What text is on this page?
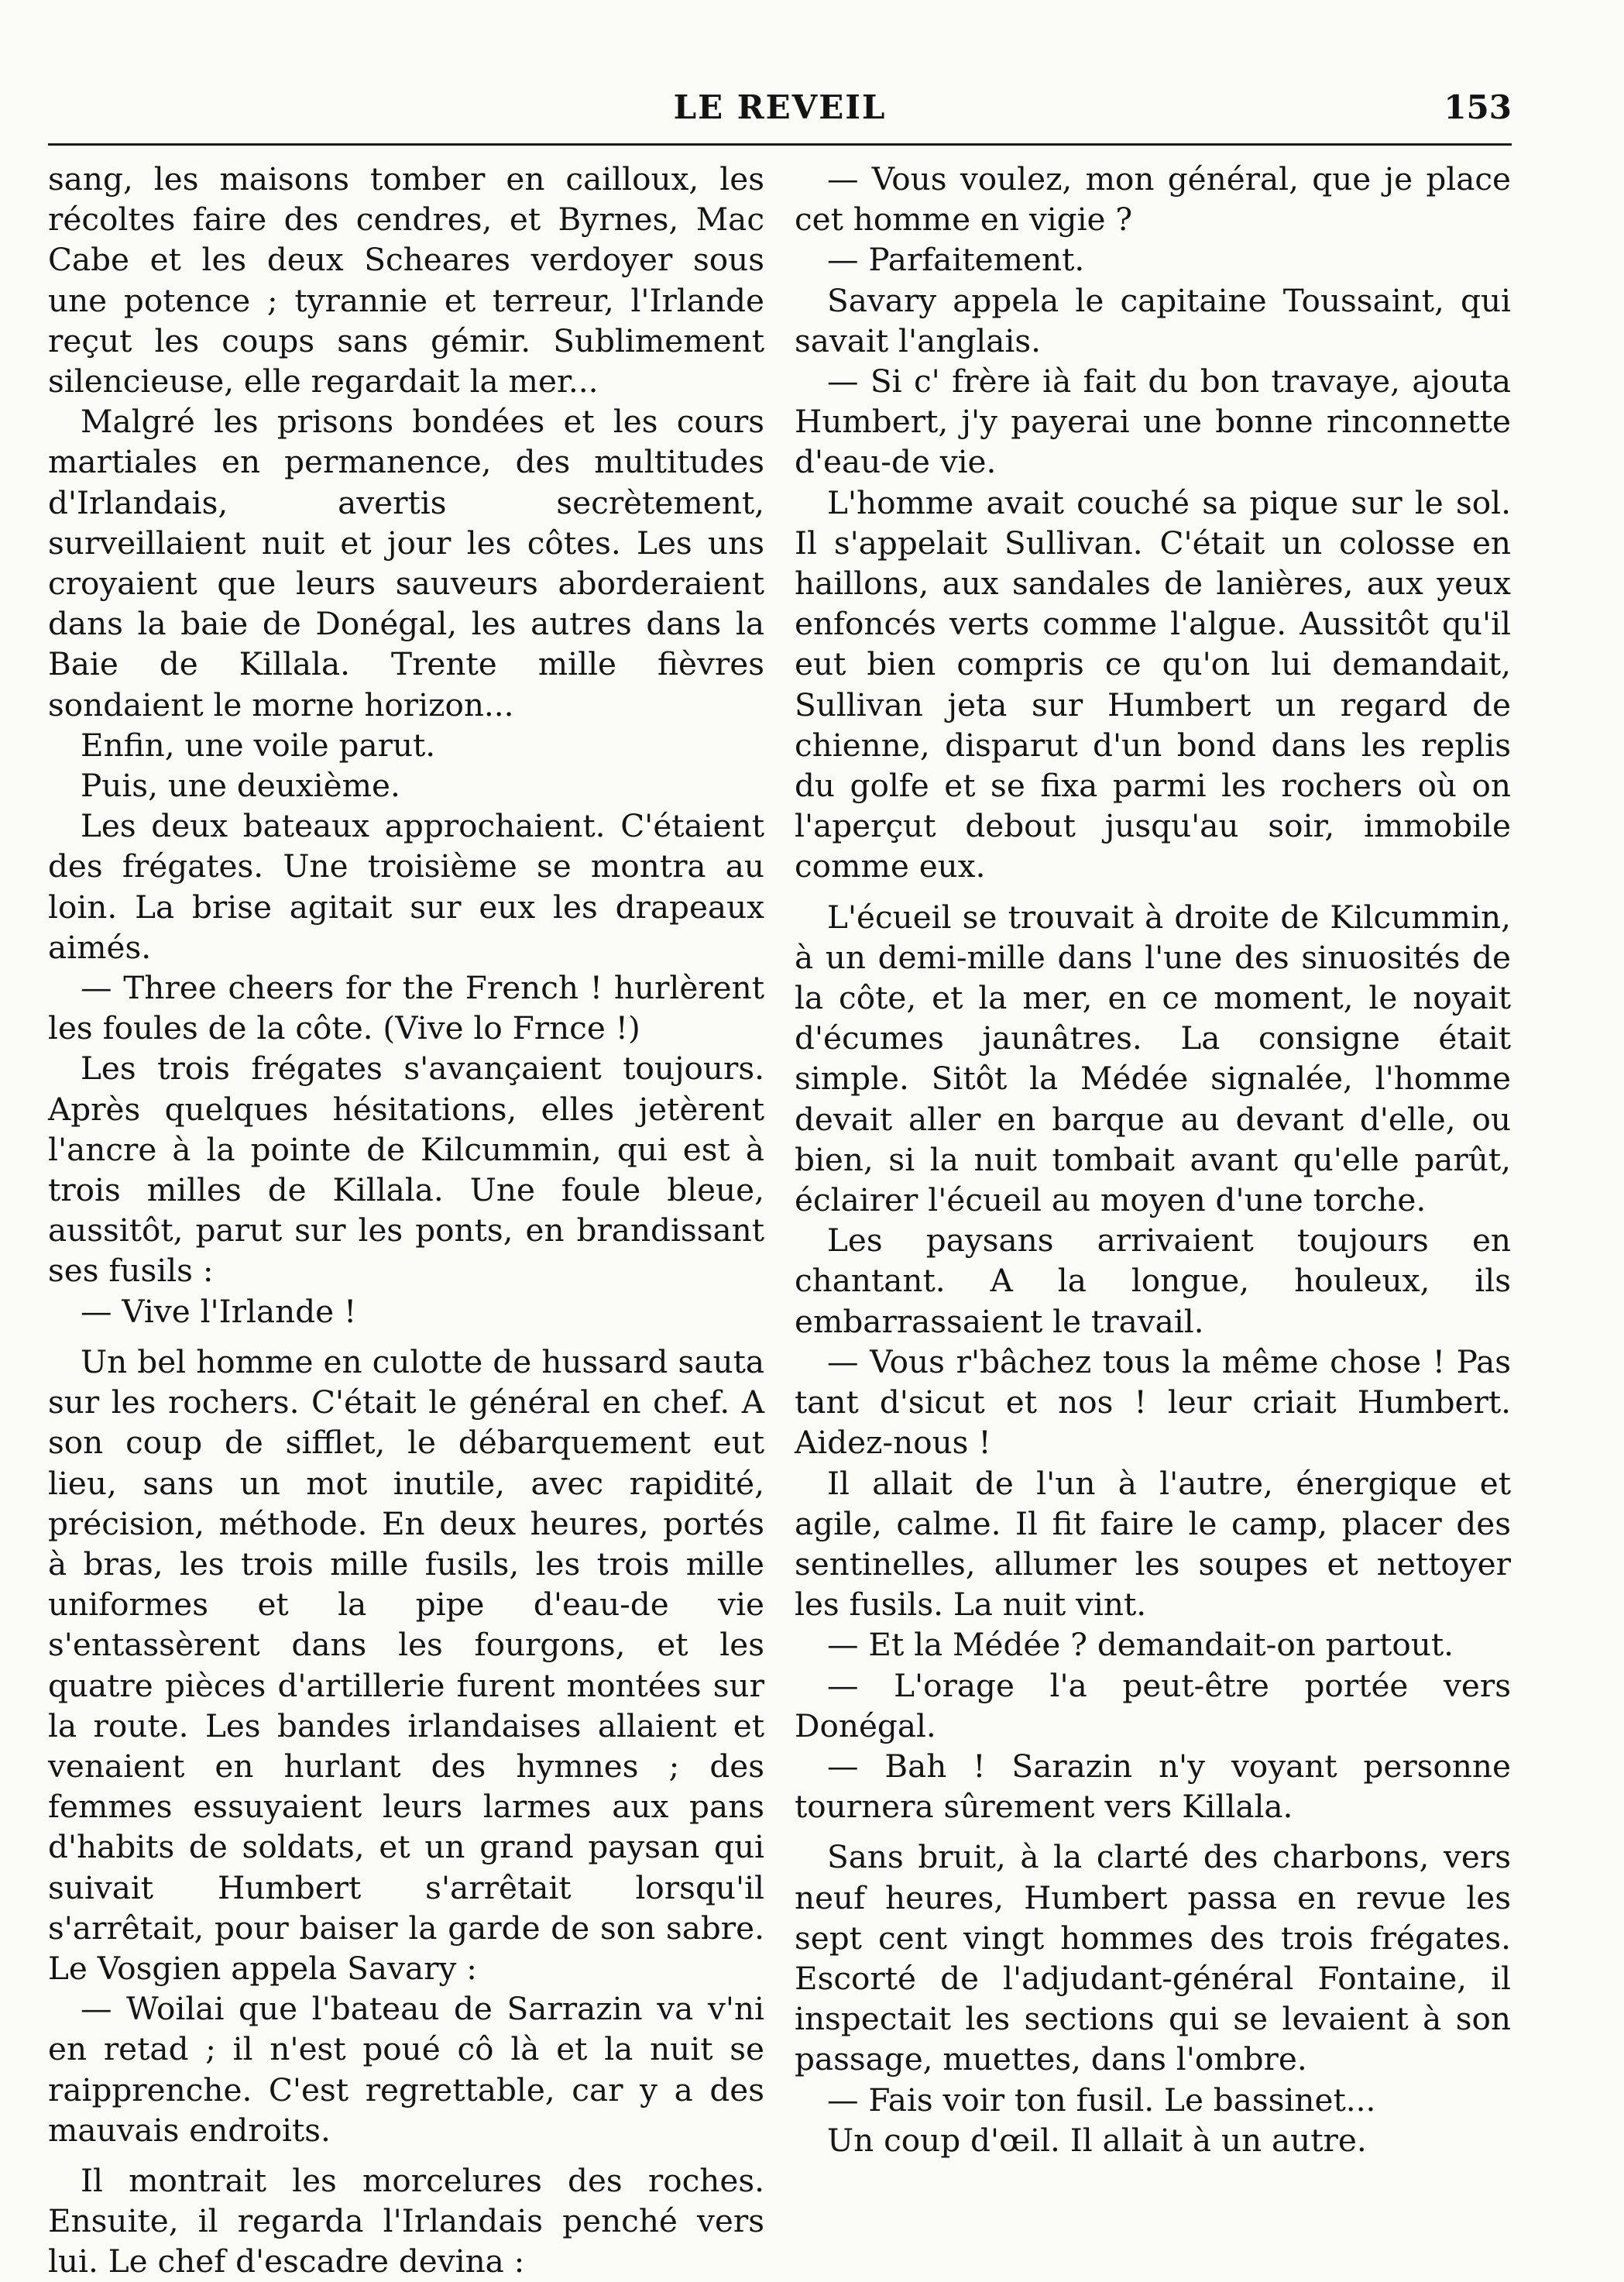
LE REVEIL	153

sang, les maisons tomber en cailloux, les récoltes faire des cendres, et Byrnes, Mac Cabe et les deux Scheares verdoyer sous une potence ; tyrannie et terreur, l'Irlande reçut les coups sans gémir. Sublimement silencieuse, elle regardait la mer...

Malgré les prisons bondées et les cours martiales en permanence, des multitudes d'Irlandais, avertis secrètement, surveillaient nuit et jour les côtes. Les uns croyaient que leurs sauveurs aborderaient dans la baie de Donégal, les autres dans la Baie de Killala. Trente mille fièvres sondaient le morne horizon...

Enfin, une voile parut.

Puis, une deuxième.

Les deux bateaux approchaient. C'étaient des frégates. Une troisième se montra au loin. La brise agitait sur eux les drapeaux aimés.

— Three cheers for the French ! hurlèrent les foules de la côte. (Vive lo Frnce !)

Les trois frégates s'avançaient toujours. Après quelques hésitations, elles jetèrent l'ancre à la pointe de Kilcummin, qui est à trois milles de Killala. Une foule bleue, aussitôt, parut sur les ponts, en brandissant ses fusils :

— Vive l'Irlande !

Un bel homme en culotte de hussard sauta sur les rochers. C'était le général en chef. A son coup de sifflet, le débarquement eut lieu, sans un mot inutile, avec rapidité, précision, méthode. En deux heures, portés à bras, les trois mille fusils, les trois mille uniformes et la pipe d'eau-de vie s'entassèrent dans les fourgons, et les quatre pièces d'artillerie furent montées sur la route. Les bandes irlandaises allaient et venaient en hurlant des hymnes ; des femmes essuyaient leurs larmes aux pans d'habits de soldats, et un grand paysan qui suivait Humbert s'arrêtait lorsqu'il s'arrêtait, pour baiser la garde de son sabre. Le Vosgien appela Savary :

— Woilai que l'bateau de Sarrazin va v'ni en retad ; il n'est poué cô là et la nuit se raipprenche. C'est regrettable, car y a des mauvais endroits.

Il montrait les morcelures des roches. Ensuite, il regarda l'Irlandais penché vers lui. Le chef d'escadre devina :

— Vous voulez, mon général, que je place cet homme en vigie ?

— Parfaitement.

Savary appela le capitaine Toussaint, qui savait l'anglais.

— Si c' frère ià fait du bon travaye, ajouta Humbert, j'y payerai une bonne rinconnette d'eau-de vie.

L'homme avait couché sa pique sur le sol. Il s'appelait Sullivan. C'était un colosse en haillons, aux sandales de lanières, aux yeux enfoncés verts comme l'algue. Aussitôt qu'il eut bien compris ce qu'on lui demandait, Sullivan jeta sur Humbert un regard de chienne, disparut d'un bond dans les replis du golfe et se fixa parmi les rochers où on l'aperçut debout jusqu'au soir, immobile comme eux.

L'écueil se trouvait à droite de Kilcummin, à un demi-mille dans l'une des sinuosités de la côte, et la mer, en ce moment, le noyait d'écumes jaunâtres. La consigne était simple. Sitôt la Médée signalée, l'homme devait aller en barque au devant d'elle, ou bien, si la nuit tombait avant qu'elle parût, éclairer l'écueil au moyen d'une torche.

Les paysans arrivaient toujours en chantant. A la longue, houleux, ils embarrassaient le travail.

— Vous r'bâchez tous la même chose ! Pas tant d'sicut et nos ! leur criait Humbert. Aidez-nous !

Il allait de l'un à l'autre, énergique et agile, calme. Il fit faire le camp, placer des sentinelles, allumer les soupes et nettoyer les fusils. La nuit vint.

— Et la Médée ? demandait-on partout.

— L'orage l'a peut-être portée vers Donégal.

— Bah ! Sarazin n'y voyant personne tournera sûrement vers Killala.

Sans bruit, à la clarté des charbons, vers neuf heures, Humbert passa en revue les sept cent vingt hommes des trois frégates. Escorté de l'adjudant-général Fontaine, il inspectait les sections qui se levaient à son passage, muettes, dans l'ombre.

— Fais voir ton fusil. Le bassinet...

Un coup d'œil. Il allait à un autre.
